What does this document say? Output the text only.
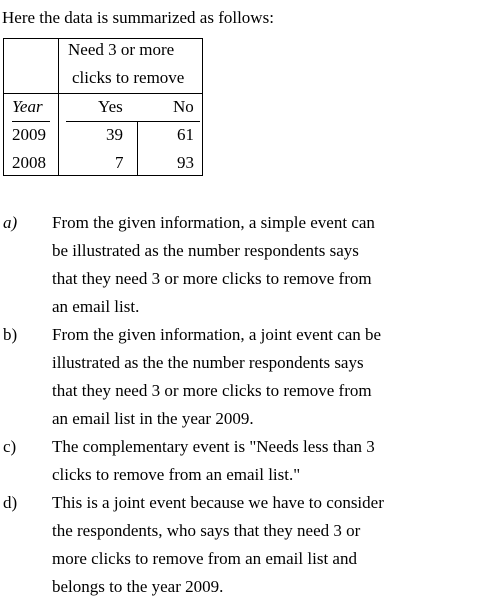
Here the data is summarized as follows:
Need 3 or more
clicks to remove
Year	Yes	No
2009	39	61
2008	7	93
a) From the given information, a simple event can
be illustrated as the number respondents says
that they need 3 or more clicks to remove from
an email list.
b) From the given information, a joint event can be
illustrated as the the number respondents says
that they need 3 or more clicks to remove from
an email list in the year 2009.
c) The complementary event is "Needs less than 3
clicks to remove from an email list."
d) This is a joint event because we have to consider
the respondents, who says that they need 3 or
more clicks to remove from an email list and
belongs to the year 2009.
